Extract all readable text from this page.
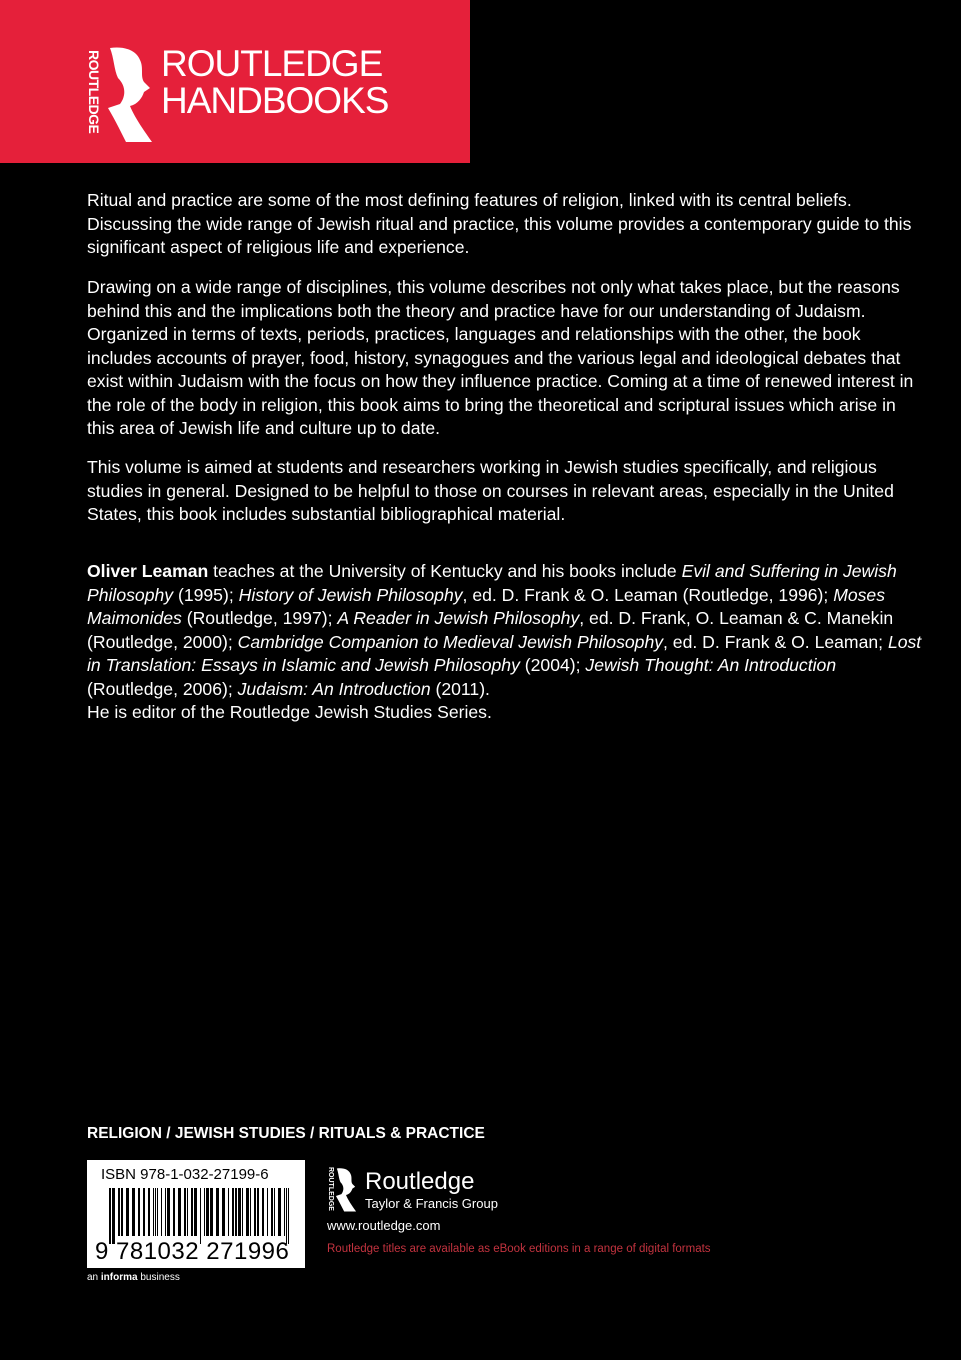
ROUTLEDGE ROUTLEDGE
HANDBOOKS
Ritual and practice are some of the most defining features of religion, linked with its central beliefs. Discussing the wide range of Jewish ritual and practice, this volume provides a contemporary guide to this significant aspect of religious life and experience.
Drawing on a wide range of disciplines, this volume describes not only what takes place, but the reasons behind this and the implications both the theory and practice have for our understanding of Judaism. Organized in terms of texts, periods, practices, languages and relationships with the other, the book includes accounts of prayer, food, history, synagogues and the various legal and ideological debates that exist within Judaism with the focus on how they influence practice. Coming at a time of renewed interest in the role of the body in religion, this book aims to bring the theoretical and scriptural issues which arise in this area of Jewish life and culture up to date.
This volume is aimed at students and researchers working in Jewish studies specifically, and religious studies in general. Designed to be helpful to those on courses in relevant areas, especially in the United States, this book includes substantial bibliographical material.
Oliver Leaman teaches at the University of Kentucky and his books include Evil and Suffering in Jewish Philosophy (1995); History of Jewish Philosophy, ed. D. Frank & O. Leaman (Routledge, 1996); Moses Maimonides (Routledge, 1997); A Reader in Jewish Philosophy, ed. D. Frank, O. Leaman & C. Manekin (Routledge, 2000); Cambridge Companion to Medieval Jewish Philosophy, ed. D. Frank & O. Leaman; Lost in Translation: Essays in Islamic and Jewish Philosophy (2004); Jewish Thought: An Introduction (Routledge, 2006); Judaism: An Introduction (2011).
He is editor of the Routledge Jewish Studies Series.
RELIGION / JEWISH STUDIES / RITUALS & PRACTICE
ISBN 978-1-032-27199-6
9 781032 271996
an informa business
ROUTLEDGE Routledge
Taylor & Francis Group
www.routledge.com
Routledge titles are available as eBook editions in a range of digital formats
